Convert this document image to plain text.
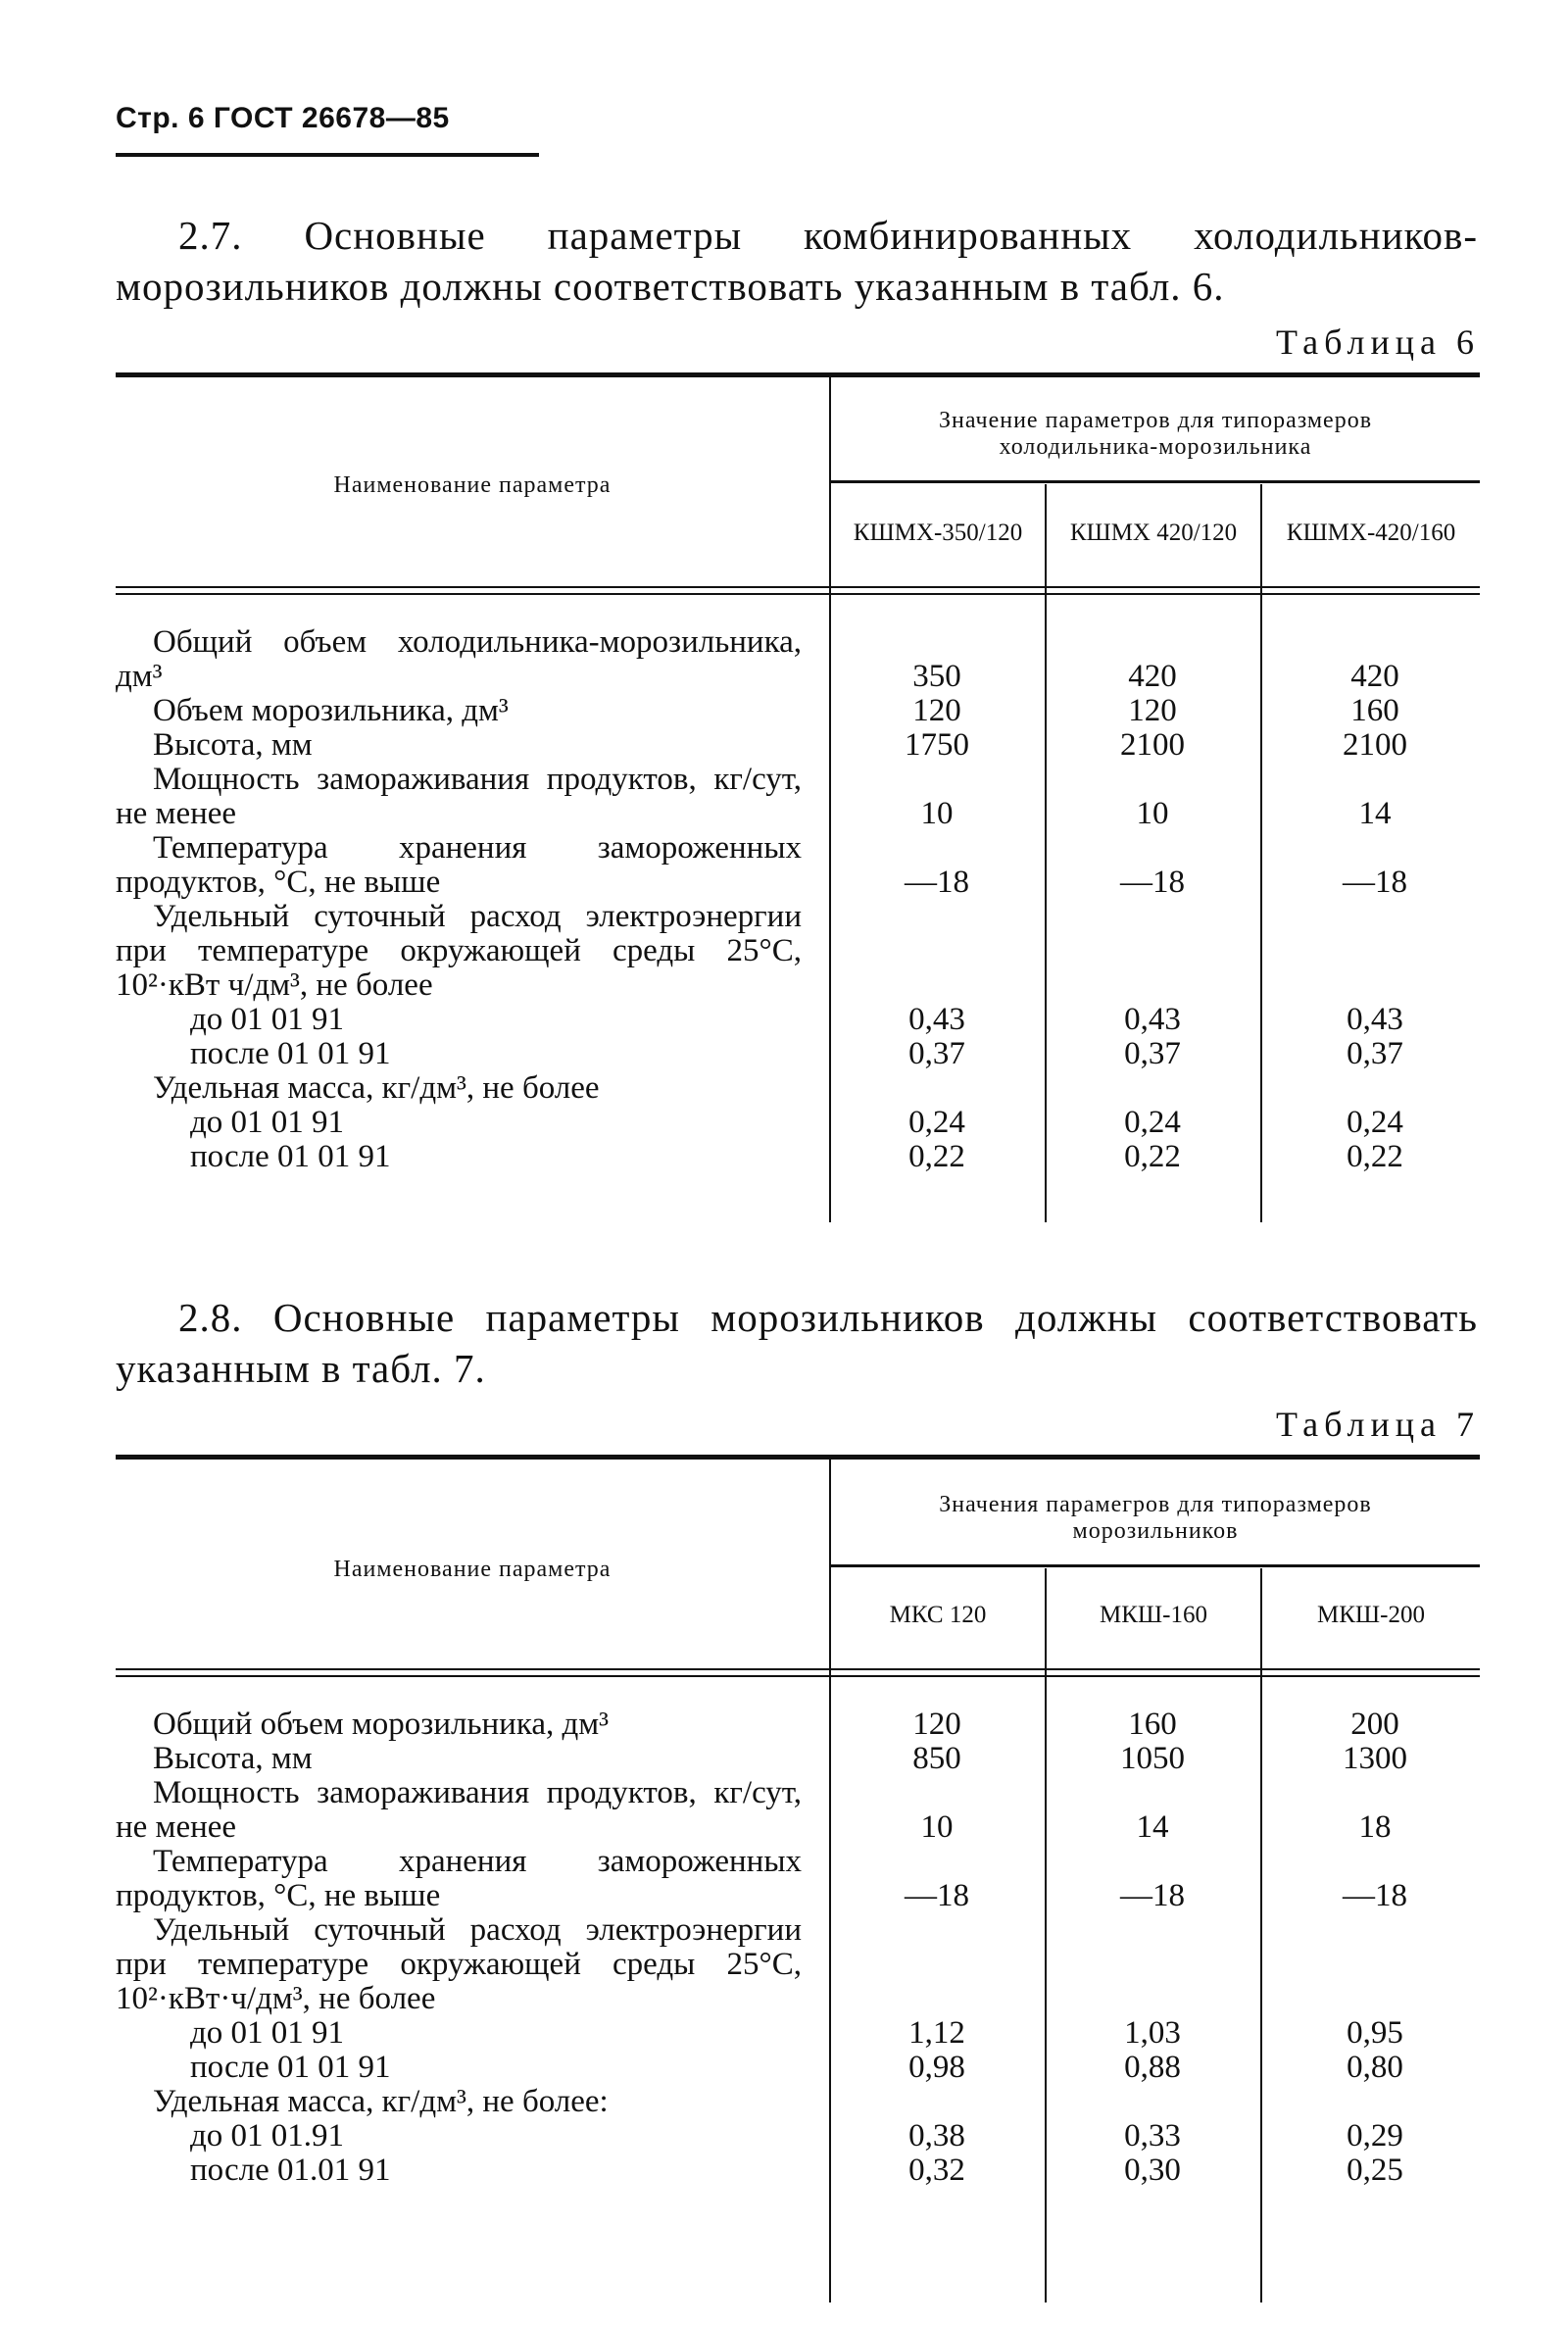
Стр. 6 ГОСТ 26678—85

2.7. Основные параметры комбинированных холодильников-морозильников должны соответствовать указанным в табл. 6.

Таблица 6
Наименование параметра
Значение параметров для типоразмеров
холодильника-морозильника
КШМХ-350/120	КШМХ 420/120	КШМХ-420/160
Общий объем холодильника-морозильника, дм³	350	420	420
Объем морозильника, дм³	120	120	160
Высота, мм	1750	2100	2100
Мощность замораживания продуктов, кг/сут, не менее	10	10	14
Температура хранения замороженных продуктов, °С, не выше	—18	—18	—18
Удельный суточный расход электроэнергии при температуре окружающей среды 25°С, 10²·кВт ч/дм³, не более
до 01 01 91	0,43	0,43	0,43
после 01 01 91	0,37	0,37	0,37
Удельная масса, кг/дм³, не более
до 01 01 91	0,24	0,24	0,24
после 01 01 91	0,22	0,22	0,22

2.8. Основные параметры морозильников должны соответствовать указанным в табл. 7.

Таблица 7
Наименование параметра
Значения парамегров для типоразмеров
морозильников
МКС 120	МКШ-160	МКШ-200
Общий объем морозильника, дм³	120	160	200
Высота, мм	850	1050	1300
Мощность замораживания продуктов, кг/сут, не менее	10	14	18
Температура хранения замороженных продуктов, °С, не выше	—18	—18	—18
Удельный суточный расход электроэнергии при температуре окружающей среды 25°С, 10²·кВт·ч/дм³, не более
до 01 01 91	1,12	1,03	0,95
после 01 01 91	0,98	0,88	0,80
Удельная масса, кг/дм³, не более:
до 01 01.91	0,38	0,33	0,29
после 01.01 91	0,32	0,30	0,25
